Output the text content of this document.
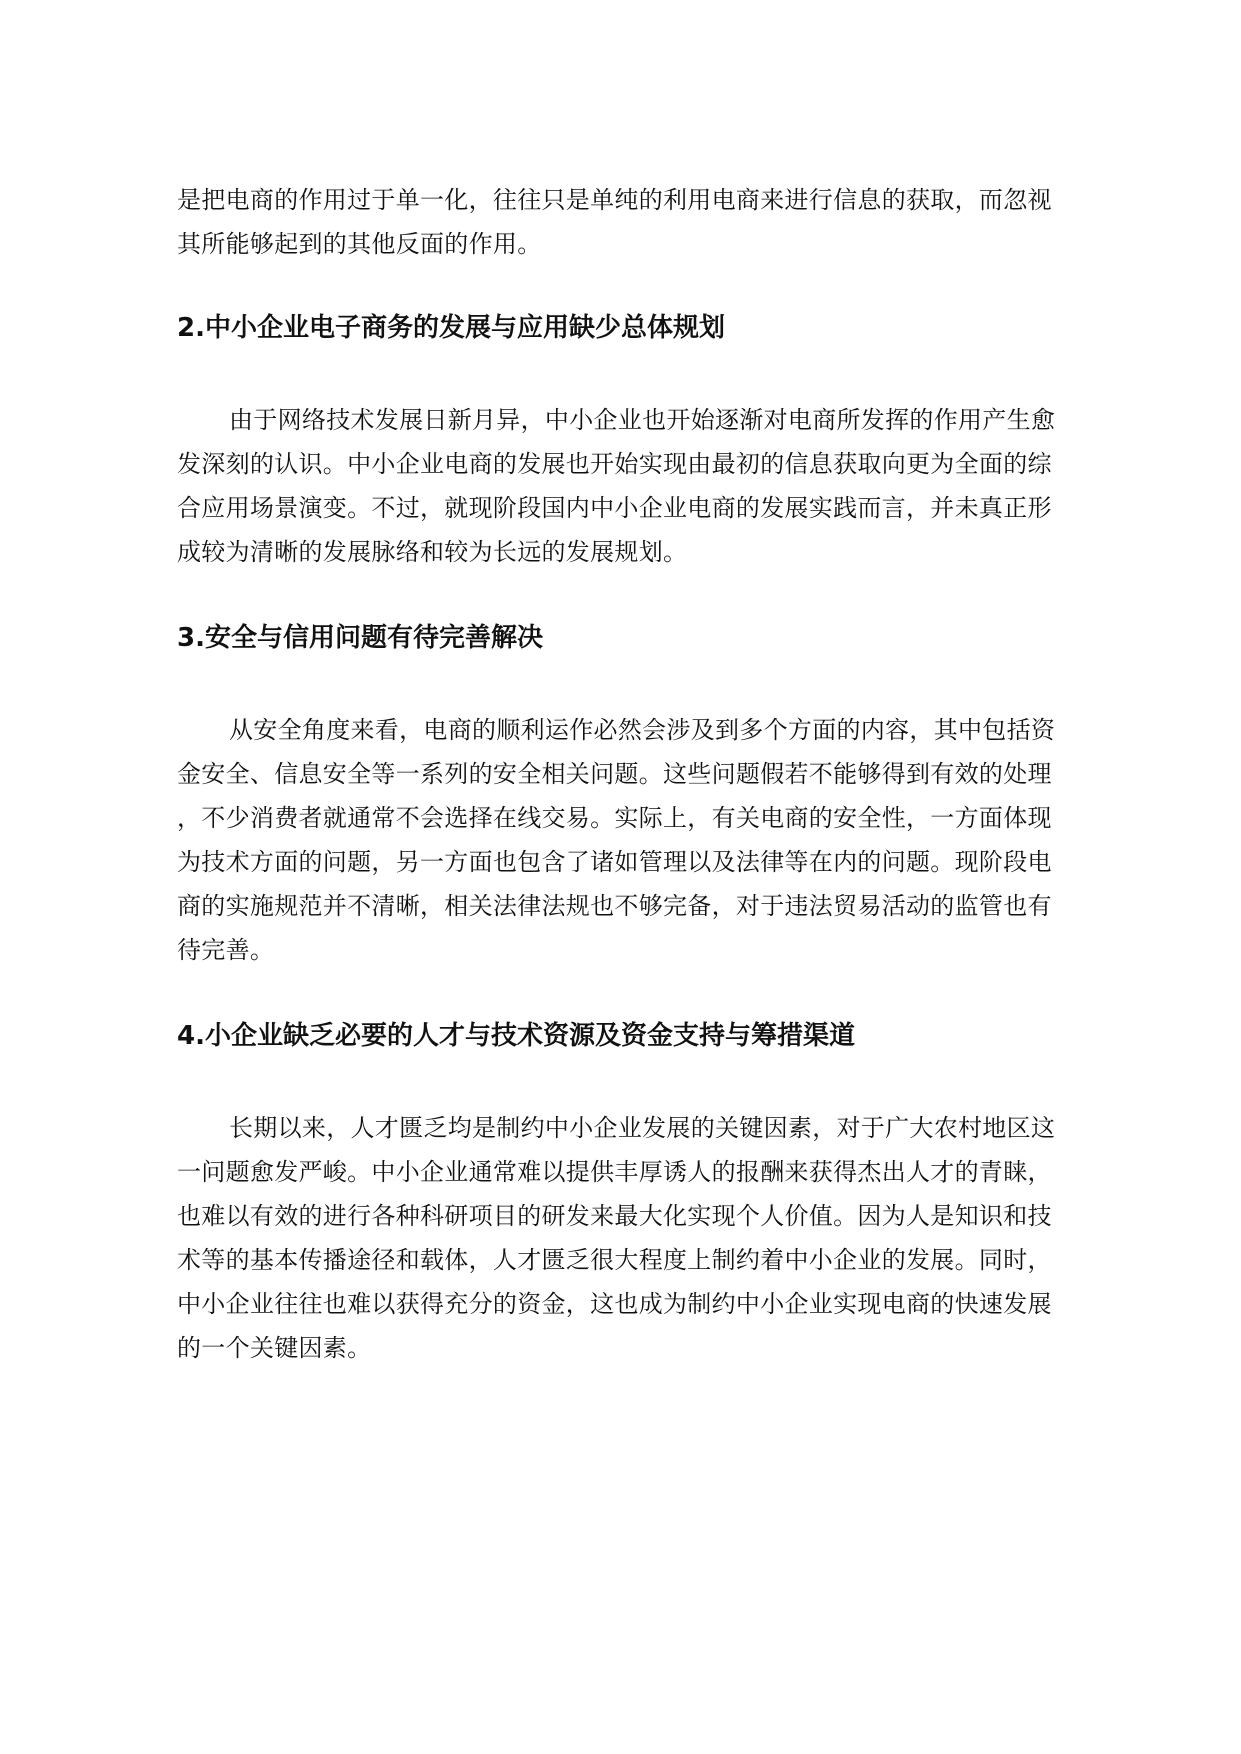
是把电商的作用过于单一化，往往只是单纯的利用电商来进行信息的获取，而忽视
其所能够起到的其他反面的作用。
2.中小企业电子商务的发展与应用缺少总体规划
由于网络技术发展日新月异，中小企业也开始逐渐对电商所发挥的作用产生愈
发深刻的认识。中小企业电商的发展也开始实现由最初的信息获取向更为全面的综
合应用场景演变。不过，就现阶段国内中小企业电商的发展实践而言，并未真正形
成较为清晰的发展脉络和较为长远的发展规划。
3.安全与信用问题有待完善解决
从安全角度来看，电商的顺利运作必然会涉及到多个方面的内容，其中包括资
金安全、信息安全等一系列的安全相关问题。这些问题假若不能够得到有效的处理
，不少消费者就通常不会选择在线交易。实际上，有关电商的安全性，一方面体现
为技术方面的问题，另一方面也包含了诸如管理以及法律等在内的问题。现阶段电
商的实施规范并不清晰，相关法律法规也不够完备，对于违法贸易活动的监管也有
待完善。
4.小企业缺乏必要的人才与技术资源及资金支持与筹措渠道
长期以来，人才匮乏均是制约中小企业发展的关键因素，对于广大农村地区这
一问题愈发严峻。中小企业通常难以提供丰厚诱人的报酬来获得杰出人才的青睐，
也难以有效的进行各种科研项目的研发来最大化实现个人价值。因为人是知识和技
术等的基本传播途径和载体，人才匮乏很大程度上制约着中小企业的发展。同时，
中小企业往往也难以获得充分的资金，这也成为制约中小企业实现电商的快速发展
的一个关键因素。
